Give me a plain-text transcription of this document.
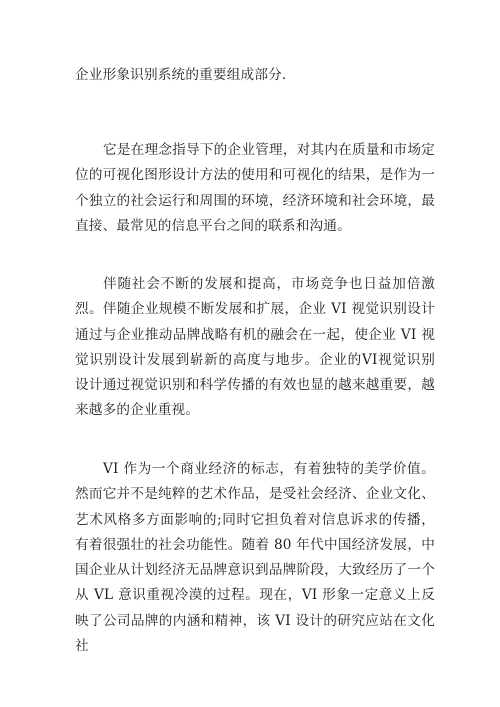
企业形象识别系统的重要组成部分.

它是在理念指导下的企业管理，对其内在质量和市场定位的可视化图形设计方法的使用和可视化的结果，是作为一个独立的社会运行和周围的环境，经济环境和社会环境，最直接、最常见的信息平台之间的联系和沟通。

伴随社会不断的发展和提高，市场竞争也日益加倍激烈。伴随企业规模不断发展和扩展，企业 VI 视觉识别设计通过与企业推动品牌战略有机的融会在一起，使企业 VI 视觉识别设计发展到崭新的高度与地步。企业的VI视觉识别设计通过视觉识别和科学传播的有效也显的越来越重要，越来越多的企业重视。

VI 作为一个商业经济的标志，有着独特的美学价值。然而它并不是纯粹的艺术作品，是受社会经济、企业文化、艺术风格多方面影响的;同时它担负着对信息诉求的传播，有着很强壮的社会功能性。随着 80 年代中国经济发展，中国企业从计划经济无品牌意识到品牌阶段，大致经历了一个从 VL 意识重视冷漠的过程。现在，VI 形象一定意义上反映了公司品牌的内涵和精神，该 VI 设计的研究应站在文化社
